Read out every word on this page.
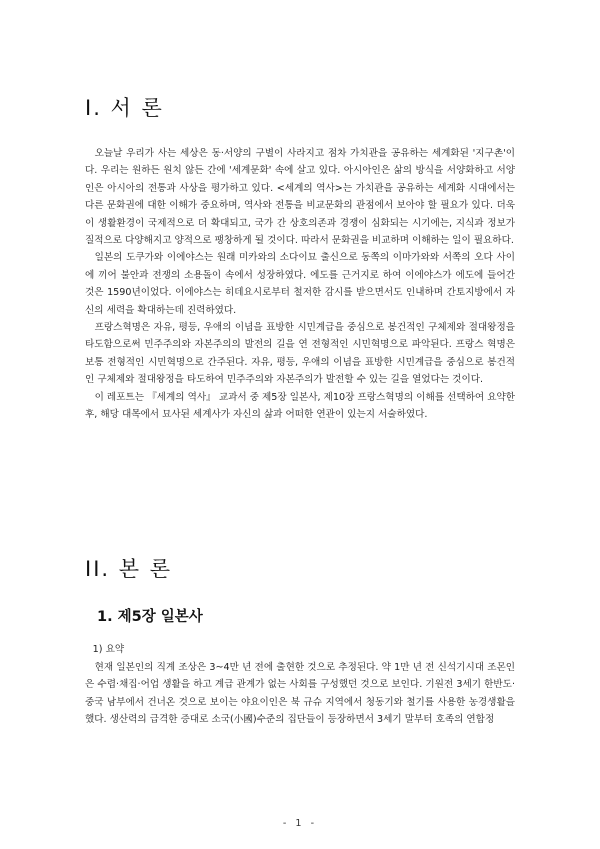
I. 서 론

오늘날 우리가 사는 세상은 동·서양의 구별이 사라지고 점차 가치관을 공유하는 세계화된 '지구촌'이다. 우리는 원하든 원치 않든 간에 '세계문화' 속에 살고 있다. 아시아인은 삶의 방식을 서양화하고 서양인은 아시아의 전통과 사상을 평가하고 있다. <세계의 역사>는 가치관을 공유하는 세계화 시대에서는 다른 문화권에 대한 이해가 중요하며, 역사와 전통을 비교문화의 관점에서 보아야 할 필요가 있다. 더욱이 생활환경이 국제적으로 더 확대되고, 국가 간 상호의존과 경쟁이 심화되는 시기에는, 지식과 정보가 질적으로 다양해지고 양적으로 팽창하게 될 것이다. 따라서 문화권을 비교하며 이해하는 일이 필요하다.

일본의 도쿠가와 이에야스는 원래 미카와의 소다이묘 출신으로 동쪽의 이마가와와 서쪽의 오다 사이에 끼어 불안과 전쟁의 소용돌이 속에서 성장하였다. 에도를 근거지로 하여 이에야스가 에도에 들어간 것은 1590년이었다. 이에야스는 히데요시로부터 철저한 감시를 받으면서도 인내하며 간토지방에서 자신의 세력을 확대하는데 진력하였다.

프랑스혁명은 자유, 평등, 우애의 이념을 표방한 시민계급을 중심으로 봉건적인 구체제와 절대왕정을 타도함으로써 민주주의와 자본주의의 발전의 길을 연 전형적인 시민혁명으로 파악된다. 프랑스 혁명은 보통 전형적인 시민혁명으로 간주된다. 자유, 평등, 우애의 이념을 표방한 시민계급을 중심으로 봉건적인 구체제와 절대왕정을 타도하여 민주주의와 자본주의가 발전할 수 있는 길을 열었다는 것이다.

이 레포트는 『세계의 역사』 교과서 중 제5장 일본사, 제10장 프랑스혁명의 이해를 선택하여 요약한 후, 해당 대목에서 묘사된 세계사가 자신의 삶과 어떠한 연관이 있는지 서술하였다.

II. 본 론
1. 제5장 일본사
1) 요약

현재 일본인의 직계 조상은 3~4만 년 전에 출현한 것으로 추정된다. 약 1만 년 전 신석기시대 조몬인은 수렵·채집·어업 생활을 하고 계급 관계가 없는 사회를 구성했던 것으로 보인다. 기원전 3세기 한반도·중국 남부에서 건너온 것으로 보이는 야요이인은 북 규슈 지역에서 청동기와 철기를 사용한 농경생활을 했다. 생산력의 급격한 증대로 소국(小國)수준의 집단들이 등장하면서 3세기 말부터 호족의 연합정

- 1 -
